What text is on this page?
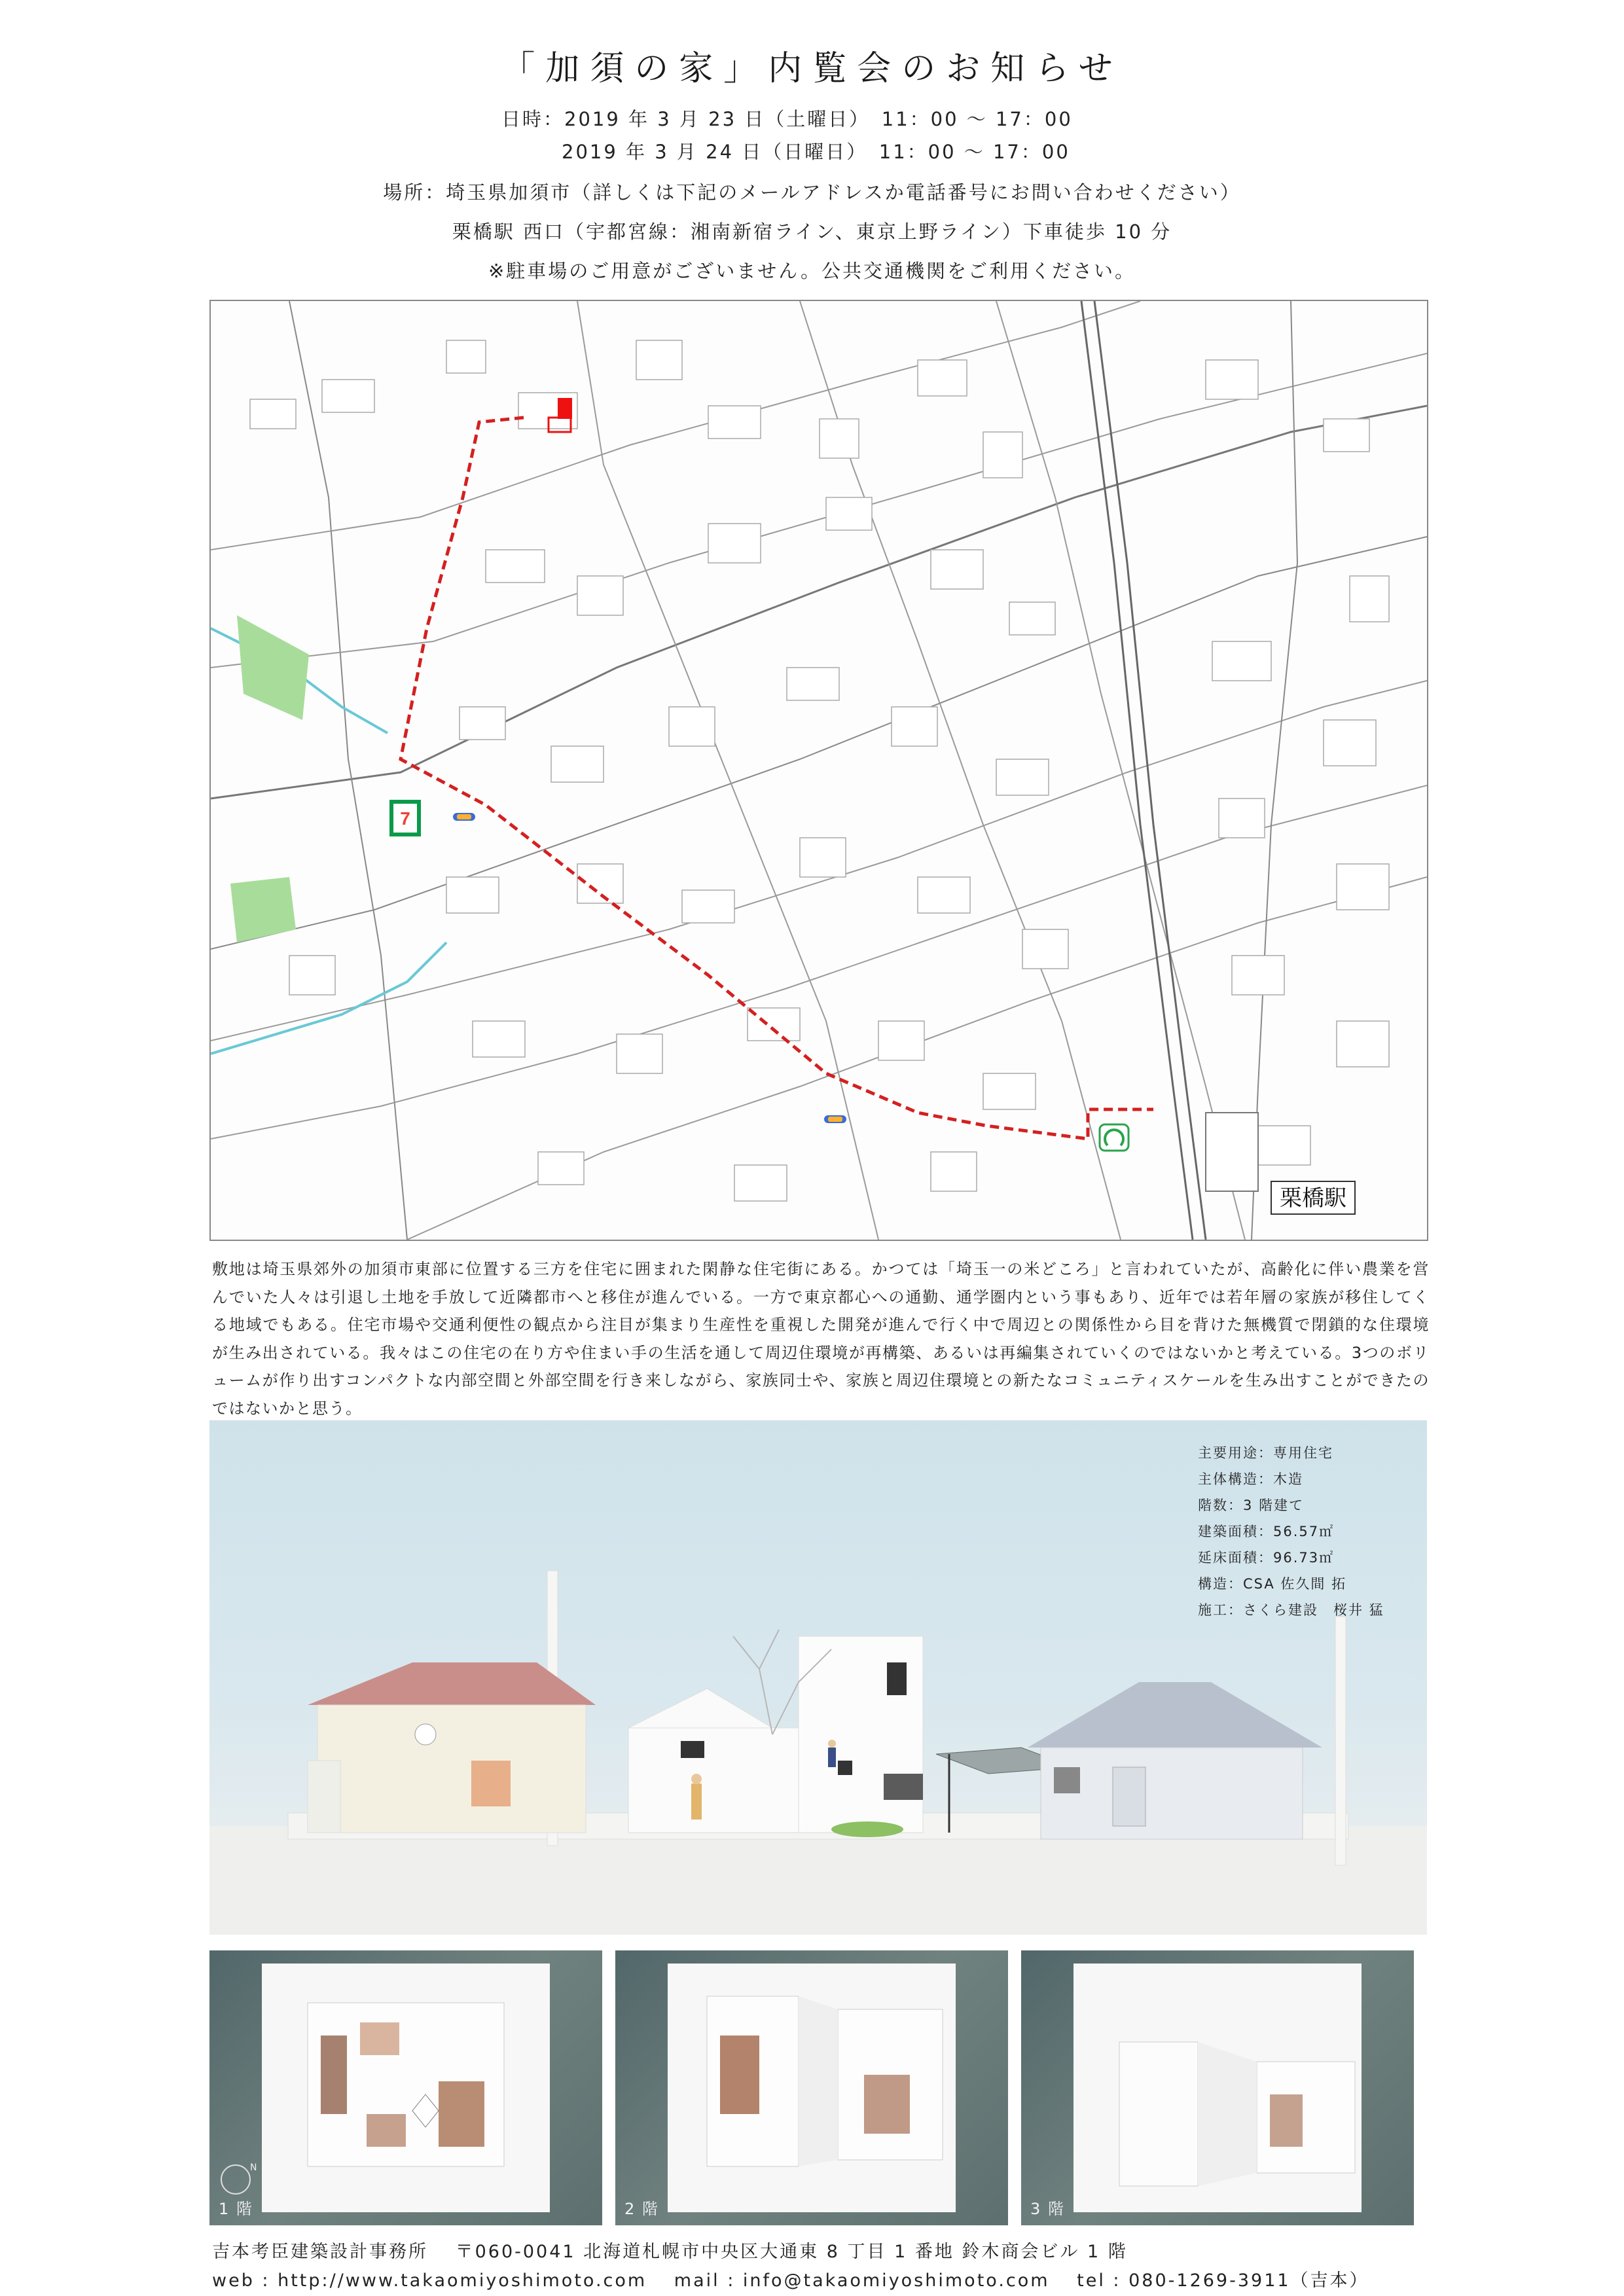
「加須の家」内覧会のお知らせ
日時：2019 年 3 月 23 日（土曜日）　11：00 ～ 17：00
2019 年 3 月 24 日（日曜日）　11：00 ～ 17：00
場所：埼玉県加須市（詳しくは下記のメールアドレスか電話番号にお問い合わせください）
栗橋駅 西口（宇都宮線：湘南新宿ライン、東京上野ライン）下車徒歩 10 分
※駐車場のご用意がございません。公共交通機関をご利用ください。
7
栗橋駅
敷地は埼玉県郊外の加須市東部に位置する三方を住宅に囲まれた閑静な住宅街にある。かつては「埼玉一の米どころ」と言われていたが、高齢化に伴い農業を営んでいた人々は引退し土地を手放して近隣都市へと移住が進んでいる。一方で東京都心への通勤、通学圏内という事もあり、近年では若年層の家族が移住してくる地域でもある。住宅市場や交通利便性の観点から注目が集まり生産性を重視した開発が進んで行く中で周辺との関係性から目を背けた無機質で閉鎖的な住環境が生み出されている。我々はこの住宅の在り方や住まい手の生活を通して周辺住環境が再構築、あるいは再編集されていくのではないかと考えている。3つのボリュームが作り出すコンパクトな内部空間と外部空間を行き来しながら、家族同士や、家族と周辺住環境との新たなコミュニティスケールを生み出すことができたのではないかと思う。
主要用途：専用住宅
主体構造：木造
階数：3 階建て
建築面積：56.57㎡
延床面積：96.73㎡
構造：CSA 佐久間 拓
施工：さくら建設　桜井 猛
N
1 階	2 階	3 階
吉本考臣建築設計事務所　 〒060-0041 北海道札幌市中央区大通東 8 丁目 1 番地 鈴木商会ビル 1 階
web : http://www.takaomiyoshimoto.com　 mail : info@takaomiyoshimoto.com　 tel : 080-1269-3911（吉本）
